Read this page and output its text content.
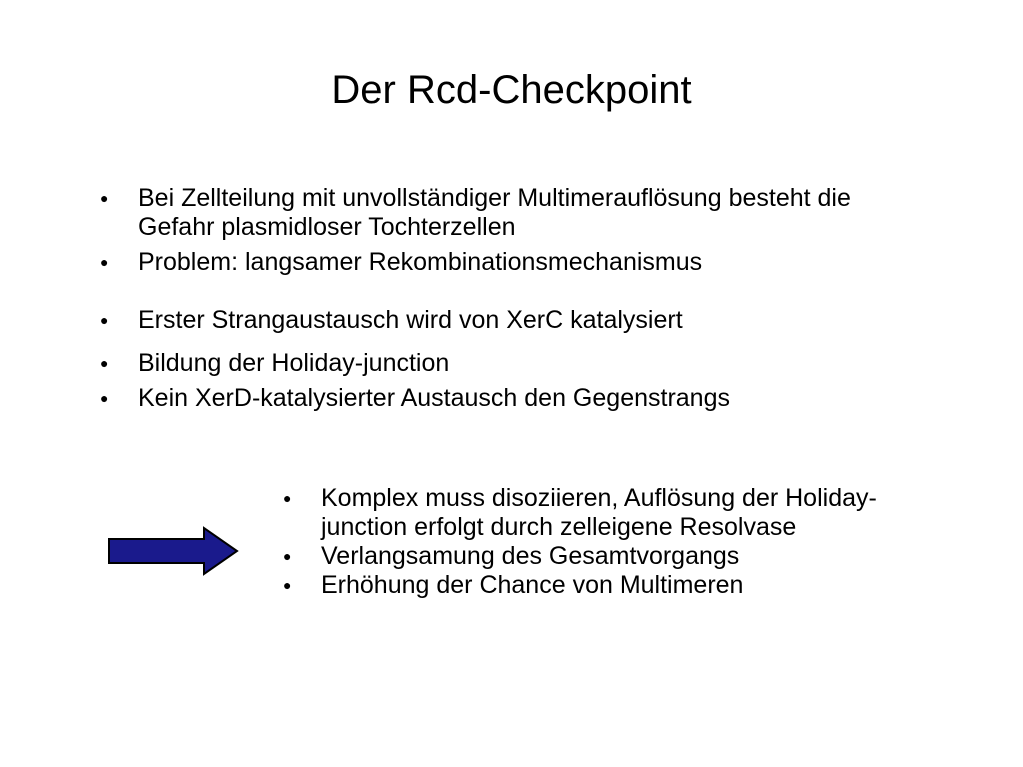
Der Rcd-Checkpoint
● Bei Zellteilung mit unvollständiger Multimerauflösung besteht die Gefahr plasmidloser Tochterzellen
● Problem: langsamer Rekombinationsmechanismus
● Erster Strangaustausch wird von XerC katalysiert
● Bildung der Holiday-junction
● Kein XerD-katalysierter Austausch den Gegenstrangs
● Komplex muss disoziieren, Auflösung der Holiday-junction erfolgt durch zelleigene Resolvase
● Verlangsamung des Gesamtvorgangs
● Erhöhung der Chance von Multimeren
